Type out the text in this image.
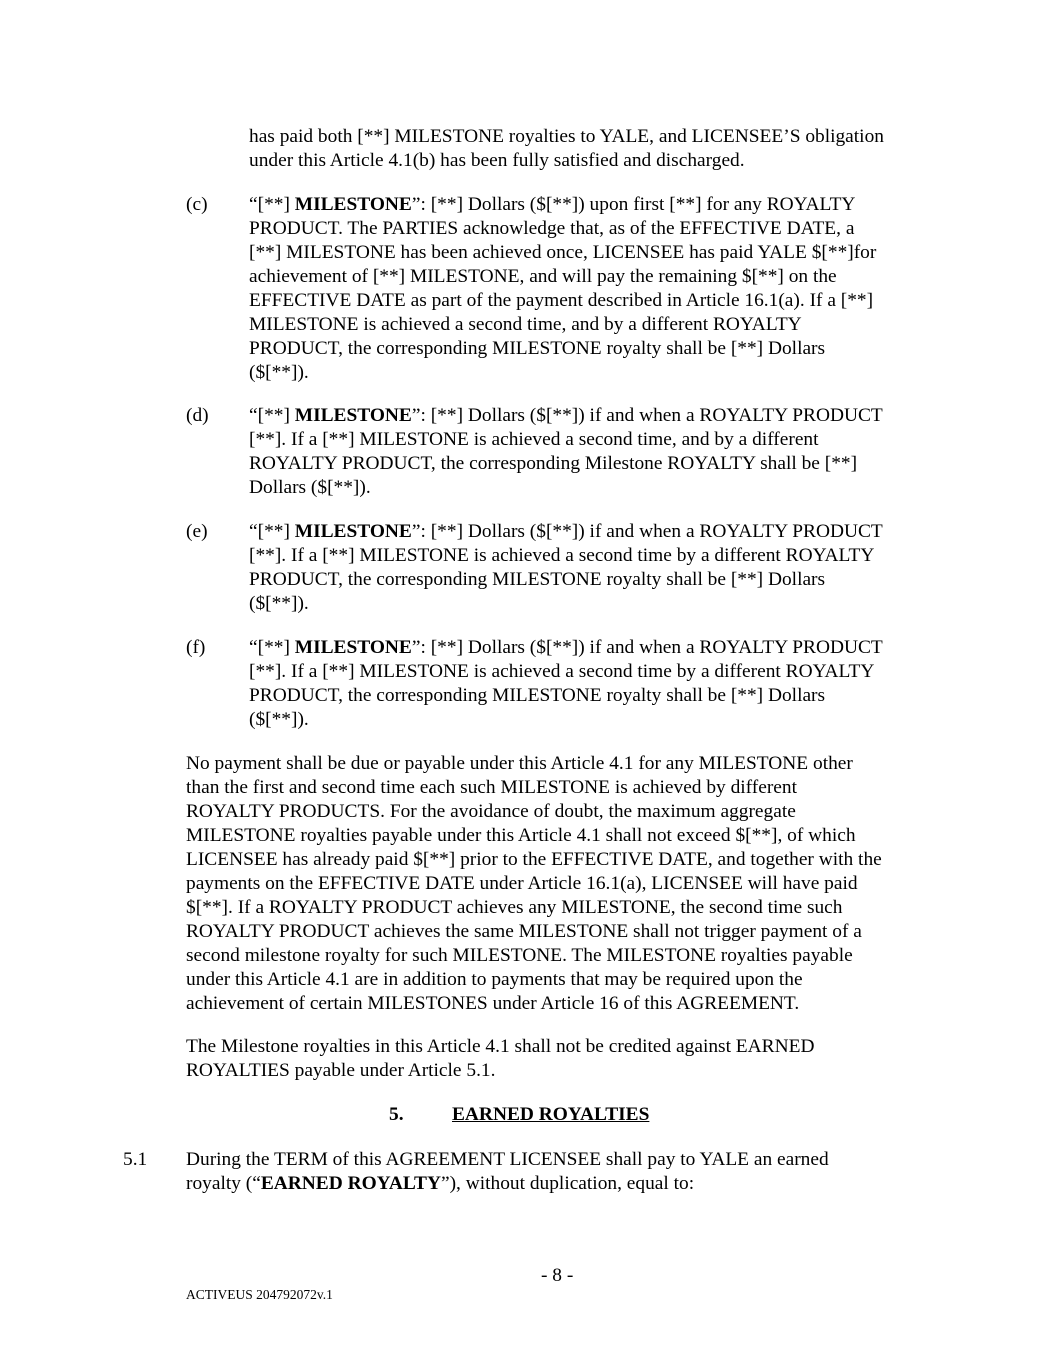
has paid both [**] MILESTONE royalties to YALE, and LICENSEE’S obligation
under this Article 4.1(b) has been fully satisfied and discharged.
(c) “[**] MILESTONE”: [**] Dollars ($[**]) upon first [**] for any ROYALTY
PRODUCT. The PARTIES acknowledge that, as of the EFFECTIVE DATE, a
[**] MILESTONE has been achieved once, LICENSEE has paid YALE $[**]for
achievement of [**] MILESTONE, and will pay the remaining $[**] on the
EFFECTIVE DATE as part of the payment described in Article 16.1(a). If a [**]
MILESTONE is achieved a second time, and by a different ROYALTY
PRODUCT, the corresponding MILESTONE royalty shall be [**] Dollars
($[**]).
(d) “[**] MILESTONE”: [**] Dollars ($[**]) if and when a ROYALTY PRODUCT
[**]. If a [**] MILESTONE is achieved a second time, and by a different
ROYALTY PRODUCT, the corresponding Milestone ROYALTY shall be [**]
Dollars ($[**]).
(e) “[**] MILESTONE”: [**] Dollars ($[**]) if and when a ROYALTY PRODUCT
[**]. If a [**] MILESTONE is achieved a second time by a different ROYALTY
PRODUCT, the corresponding MILESTONE royalty shall be [**] Dollars
($[**]).
(f) “[**] MILESTONE”: [**] Dollars ($[**]) if and when a ROYALTY PRODUCT
[**]. If a [**] MILESTONE is achieved a second time by a different ROYALTY
PRODUCT, the corresponding MILESTONE royalty shall be [**] Dollars
($[**]).
No payment shall be due or payable under this Article 4.1 for any MILESTONE other
than the first and second time each such MILESTONE is achieved by different
ROYALTY PRODUCTS. For the avoidance of doubt, the maximum aggregate
MILESTONE royalties payable under this Article 4.1 shall not exceed $[**], of which
LICENSEE has already paid $[**] prior to the EFFECTIVE DATE, and together with the
payments on the EFFECTIVE DATE under Article 16.1(a), LICENSEE will have paid
$[**]. If a ROYALTY PRODUCT achieves any MILESTONE, the second time such
ROYALTY PRODUCT achieves the same MILESTONE shall not trigger payment of a
second milestone royalty for such MILESTONE. The MILESTONE royalties payable
under this Article 4.1 are in addition to payments that may be required upon the
achievement of certain MILESTONES under Article 16 of this AGREEMENT.
The Milestone royalties in this Article 4.1 shall not be credited against EARNED
ROYALTIES payable under Article 5.1.
5. EARNED ROYALTIES
5.1 During the TERM of this AGREEMENT LICENSEE shall pay to YALE an earned
royalty (“EARNED ROYALTY”), without duplication, equal to:
- 8 -
ACTIVEUS 204792072v.1
